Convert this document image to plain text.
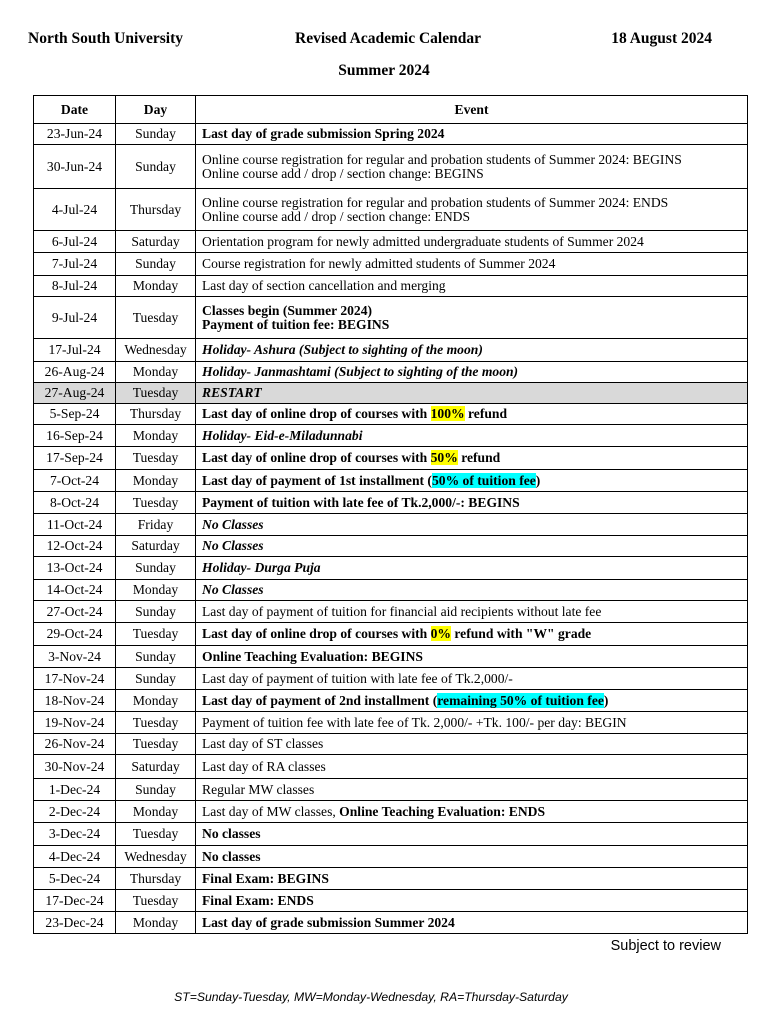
North South University	Revised Academic Calendar	18 August 2024
Summer 2024
Date	Day	Event
23-Jun-24	Sunday	Last day of grade submission Spring 2024

30-Jun-24	Sunday	Online course registration for regular and probation students of Summer 2024: BEGINS
Online course add / drop / section change: BEGINS

4-Jul-24	Thursday	Online course registration for regular and probation students of Summer 2024: ENDS
Online course add / drop / section change: ENDS

6-Jul-24	Saturday	Orientation program for newly admitted undergraduate students of Summer 2024

7-Jul-24	Sunday	Course registration for newly admitted students of Summer 2024

8-Jul-24	Monday	Last day of section cancellation and merging

9-Jul-24	Tuesday	Classes begin (Summer 2024)
Payment of tuition fee: BEGINS

17-Jul-24	Wednesday	Holiday- Ashura (Subject to sighting of the moon)

26-Aug-24	Monday	Holiday- Janmashtami (Subject to sighting of the moon)

27-Aug-24	Tuesday	RESTART

5-Sep-24	Thursday	Last day of online drop of courses with 100% refund

16-Sep-24	Monday	Holiday- Eid-e-Miladunnabi

17-Sep-24	Tuesday	Last day of online drop of courses with 50% refund

7-Oct-24	Monday	Last day of payment of 1st installment (50% of tuition fee)

8-Oct-24	Tuesday	Payment of tuition with late fee of Tk.2,000/-: BEGINS

11-Oct-24	Friday	No Classes

12-Oct-24	Saturday	No Classes

13-Oct-24	Sunday	Holiday- Durga Puja

14-Oct-24	Monday	No Classes

27-Oct-24	Sunday	Last day of payment of tuition for financial aid recipients without late fee

29-Oct-24	Tuesday	Last day of online drop of courses with 0% refund with "W" grade

3-Nov-24	Sunday	Online Teaching Evaluation: BEGINS

17-Nov-24	Sunday	Last day of payment of tuition with late fee of Tk.2,000/-

18-Nov-24	Monday	Last day of payment of 2nd installment (remaining 50% of tuition fee)

19-Nov-24	Tuesday	Payment of tuition fee with late fee of Tk. 2,000/- +Tk. 100/- per day: BEGIN

26-Nov-24	Tuesday	Last day of ST classes

30-Nov-24	Saturday	Last day of RA classes

1-Dec-24	Sunday	Regular MW classes

2-Dec-24	Monday	Last day of MW classes, Online Teaching Evaluation: ENDS

3-Dec-24	Tuesday	No classes

4-Dec-24	Wednesday	No classes

5-Dec-24	Thursday	Final Exam: BEGINS

17-Dec-24	Tuesday	Final Exam: ENDS

23-Dec-24	Monday	Last day of grade submission Summer 2024
Subject to review
ST=Sunday-Tuesday, MW=Monday-Wednesday, RA=Thursday-Saturday
